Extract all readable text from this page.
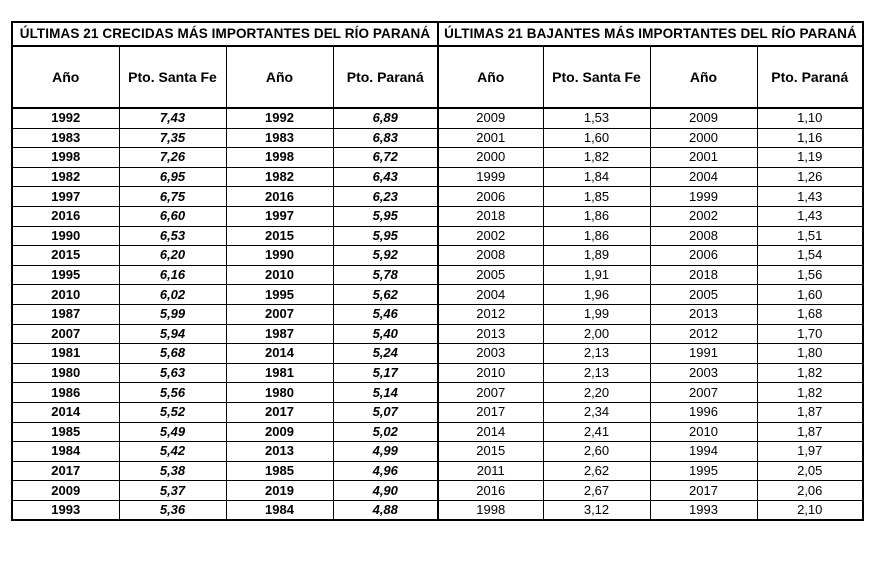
ÚLTIMAS 21 CRECIDAS MÁS IMPORTANTES DEL RÍO PARANÁ				ÚLTIMAS 21 BAJANTES MÁS IMPORTANTES DEL RÍO PARANÁ			
Año	Pto. Santa Fe	Año	Pto. Paraná	Año	Pto. Santa Fe	Año	Pto. Paraná
1992	7,43	1992	6,89	2009	1,53	2009	1,10
1983	7,35	1983	6,83	2001	1,60	2000	1,16
1998	7,26	1998	6,72	2000	1,82	2001	1,19
1982	6,95	1982	6,43	1999	1,84	2004	1,26
1997	6,75	2016	6,23	2006	1,85	1999	1,43
2016	6,60	1997	5,95	2018	1,86	2002	1,43
1990	6,53	2015	5,95	2002	1,86	2008	1,51
2015	6,20	1990	5,92	2008	1,89	2006	1,54
1995	6,16	2010	5,78	2005	1,91	2018	1,56
2010	6,02	1995	5,62	2004	1,96	2005	1,60
1987	5,99	2007	5,46	2012	1,99	2013	1,68
2007	5,94	1987	5,40	2013	2,00	2012	1,70
1981	5,68	2014	5,24	2003	2,13	1991	1,80
1980	5,63	1981	5,17	2010	2,13	2003	1,82
1986	5,56	1980	5,14	2007	2,20	2007	1,82
2014	5,52	2017	5,07	2017	2,34	1996	1,87
1985	5,49	2009	5,02	2014	2,41	2010	1,87
1984	5,42	2013	4,99	2015	2,60	1994	1,97
2017	5,38	1985	4,96	2011	2,62	1995	2,05
2009	5,37	2019	4,90	2016	2,67	2017	2,06
1993	5,36	1984	4,88	1998	3,12	1993	2,10
